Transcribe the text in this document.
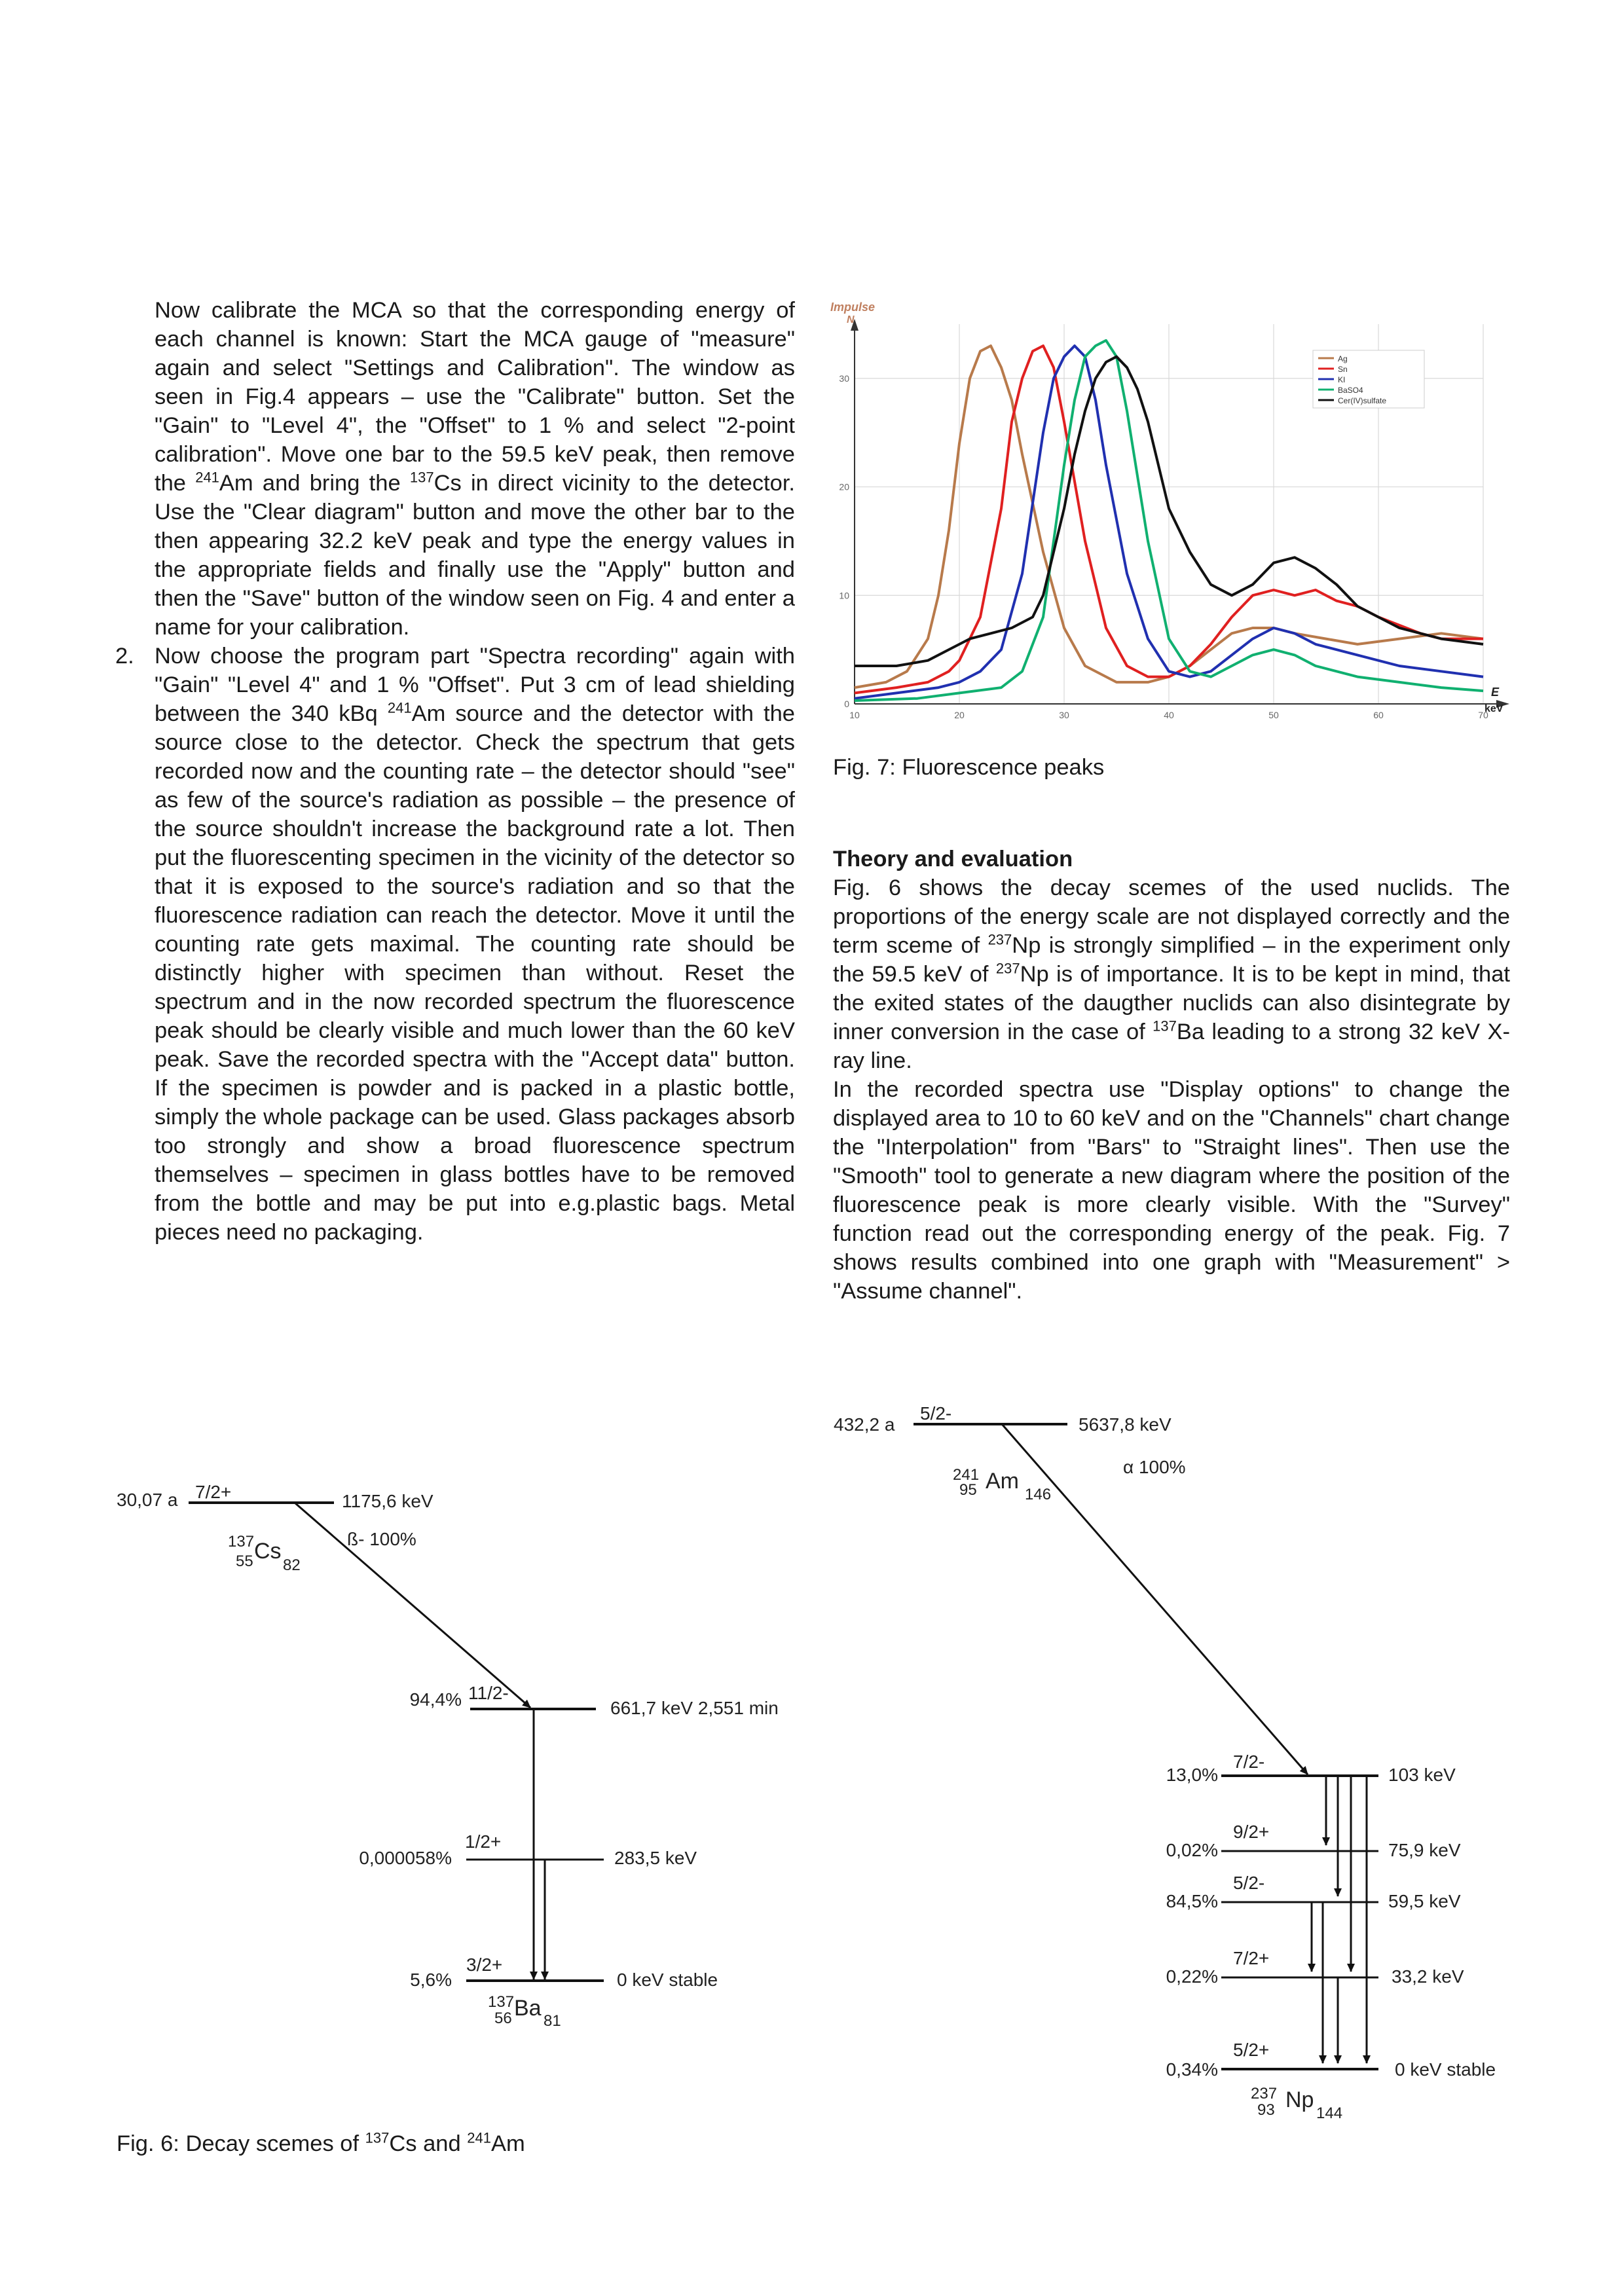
Now calibrate the MCA so that the corresponding energy of each channel is known: Start the MCA gauge of "measure" again and select "Settings and Calibration". The window as seen in Fig.4 appears – use the "Calibrate" button. Set the "Gain" to "Level 4", the "Offset" to 1 % and select "2-point calibration". Move one bar to the 59.5 keV peak, then remove the $^{241}$Am and bring the $^{137}$Cs in direct vicinity to the detector. Use the "Clear diagram" button and move the other bar to the then appearing 32.2 keV peak and type the energy values in the appropriate fields and finally use the "Apply" button and then the "Save" button of the window seen on Fig. 4 and enter a name for your calibration.

2. Now choose the program part "Spectra recording" again with "Gain" "Level 4" and 1 % "Offset". Put 3 cm of lead shielding between the 340 kBq $^{241}$Am source and the detector with the source close to the detector. Check the spectrum that gets recorded now and the counting rate – the detector should "see" as few of the source's radiation as possible – the presence of the source shouldn't increase the background rate a lot. Then put the fluorescenting specimen in the vicinity of the detector so that it is exposed to the source's radiation and so that the fluorescence radiation can reach the detector. Move it until the counting rate gets maximal. The counting rate should be distinctly higher with specimen than without. Reset the spectrum and in the now recorded spectrum the fluorescence peak should be clearly visible and much lower than the 60 keV peak. Save the recorded spectra with the "Accept data" button. If the specimen is powder and is packed in a plastic bottle, simply the whole package can be used. Glass packages absorb too strongly and show a broad fluorescence spectrum themselves – specimen in glass bottles have to be removed from the bottle and may be put into e.g.plastic bags. Metal pieces need no packaging.

Impulse
N
E
keV
10	20	30	40	50	60	70
0
10
20
30
Ag
Sn
KI
BaSO4
Cer(IV)sulfate
Fig. 7: Fluorescence peaks
Theory and evaluation

Fig. 6 shows the decay scemes of the used nuclids. The proportions of the energy scale are not displayed correctly and the term sceme of $^{237}$Np is strongly simplified – in the experiment only the 59.5 keV of $^{237}$Np is of importance. It is to be kept in mind, that the exited states of the daugther nuclids can also disintegrate by inner conversion in the case of $^{137}$Ba leading to a strong 32 keV X-ray line.

In the recorded spectra use "Display options" to change the displayed area to 10 to 60 keV and on the "Channels" chart change the "Interpolation" from "Bars" to "Straight lines". Then use the "Smooth" tool to generate a new diagram where the position of the fluorescence peak is more clearly visible. With the "Survey" function read out the corresponding energy of the peak. Fig. 7 shows results combined into one graph with "Measurement" > "Assume channel".

30,07 a 7/2+	1175,6 keV
137
55 Cs
82
ß- 100%
94,4% 11/2-
661,7 keV 2,551 min
0,000058%
1/2+
283,5 keV
5,6%
3/2+
0 keV stable
137
56 Ba
81
432,2 a
5/2-
5637,8 keV
241
95 Am
146
α 100%
13,0%
7/2-
103 keV
0,02%
9/2+
75,9 keV
84,5%
5/2-
59,5 keV
0,22%
7/2+
33,2 keV
0,34%
5/2+
0 keV stable
237
93 Np
144
Fig. 6: Decay scemes of $^{137}$Cs and $^{241}$Am
